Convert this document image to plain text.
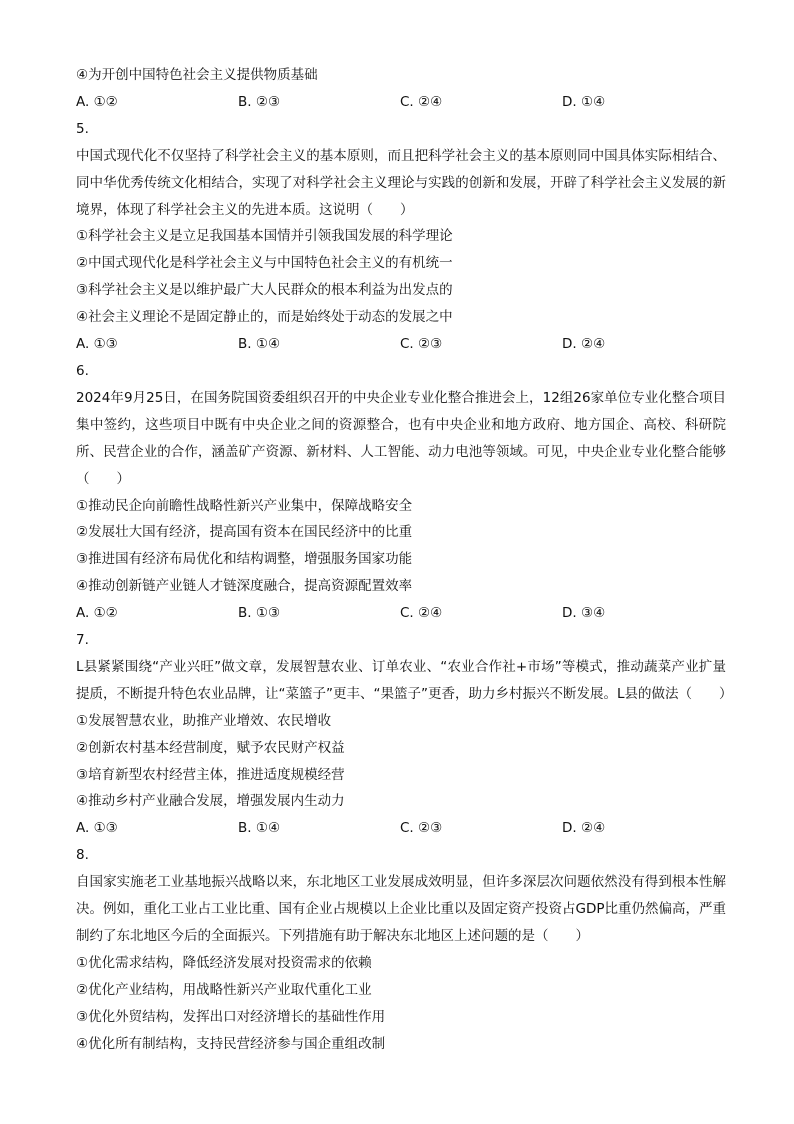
④为开创中国特色社会主义提供物质基础
A. ①②	B. ②③	C. ②④	D. ①④
5.
中国式现代化不仅坚持了科学社会主义的基本原则，而且把科学社会主义的基本原则同中国具体实际相结合、同中华优秀传统文化相结合，实现了对科学社会主义理论与实践的创新和发展，开辟了科学社会主义发展的新境界，体现了科学社会主义的先进本质。这说明（　　）
①科学社会主义是立足我国基本国情并引领我国发展的科学理论
②中国式现代化是科学社会主义与中国特色社会主义的有机统一
③科学社会主义是以维护最广大人民群众的根本利益为出发点的
④社会主义理论不是固定静止的，而是始终处于动态的发展之中
A. ①③	B. ①④	C. ②③	D. ②④
6.
2024年9月25日，在国务院国资委组织召开的中央企业专业化整合推进会上，12组26家单位专业化整合项目集中签约，这些项目中既有中央企业之间的资源整合，也有中央企业和地方政府、地方国企、高校、科研院所、民营企业的合作，涵盖矿产资源、新材料、人工智能、动力电池等领域。可见，中央企业专业化整合能够（　　）
①推动民企向前瞻性战略性新兴产业集中，保障战略安全
②发展壮大国有经济，提高国有资本在国民经济中的比重
③推进国有经济布局优化和结构调整，增强服务国家功能
④推动创新链产业链人才链深度融合，提高资源配置效率
A. ①②	B. ①③	C. ②④	D. ③④
7.
L县紧紧围绕“产业兴旺”做文章，发展智慧农业、订单农业、“农业合作社+市场”等模式，推动蔬菜产业扩量提质，不断提升特色农业品牌，让“菜篮子”更丰、“果篮子”更香，助力乡村振兴不断发展。L县的做法（　　）
①发展智慧农业，助推产业增效、农民增收
②创新农村基本经营制度，赋予农民财产权益
③培育新型农村经营主体，推进适度规模经营
④推动乡村产业融合发展，增强发展内生动力
A. ①③	B. ①④	C. ②③	D. ②④
8.
自国家实施老工业基地振兴战略以来，东北地区工业发展成效明显，但许多深层次问题依然没有得到根本性解决。例如，重化工业占工业比重、国有企业占规模以上企业比重以及固定资产投资占GDP比重仍然偏高，严重制约了东北地区今后的全面振兴。下列措施有助于解决东北地区上述问题的是（　　）
①优化需求结构，降低经济发展对投资需求的依赖
②优化产业结构，用战略性新兴产业取代重化工业
③优化外贸结构，发挥出口对经济增长的基础性作用
④优化所有制结构，支持民营经济参与国企重组改制
